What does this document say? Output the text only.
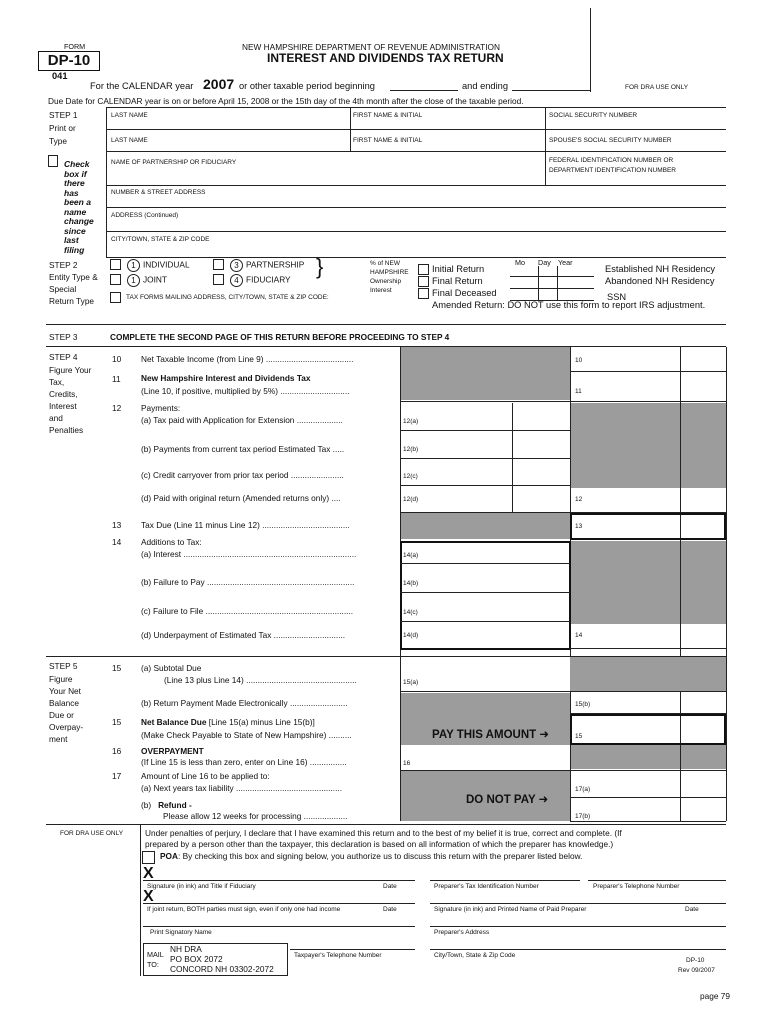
FORM
DP-10
041
NEW HAMPSHIRE DEPARTMENT OF REVENUE ADMINISTRATION
INTEREST AND DIVIDENDS TAX RETURN
For the CALENDAR year 2007 or other taxable period beginning	and ending	FOR DRA USE ONLY
Due Date for CALENDAR year is on or before April 15, 2008 or the 15th day of the 4th month after the close of the taxable period.
STEP 1
Print or
Type
Check
box if
there
has
been a
name
change
since
last
filing
LAST NAME	FIRST NAME & INITIAL	SOCIAL SECURITY NUMBER
LAST NAME	FIRST NAME & INITIAL	SPOUSE'S SOCIAL SECURITY NUMBER
NAME OF PARTNERSHIP OR FIDUCIARY	FEDERAL IDENTIFICATION NUMBER OR
DEPARTMENT IDENTIFICATION NUMBER
NUMBER & STREET ADDRESS
ADDRESS (Continued)
CITY/TOWN, STATE & ZIP CODE
STEP 2
Entity Type &
Special
Return Type
1 INDIVIDUAL
1 JOINT
3 PARTNERSHIP
4 FIDUCIARY
}
TAX FORMS MAILING ADDRESS, CITY/TOWN, STATE & ZIP CODE:
% of NEW
HAMPSHIRE
Ownership
Interest
Initial Return
Final Return
Final Deceased
Mo Day Year
Established NH Residency
Abandoned NH Residency
SSN
Amended Return: DO NOT use this form to report IRS adjustment.
STEP 3	COMPLETE THE SECOND PAGE OF THIS RETURN BEFORE PROCEEDING TO STEP 4
STEP 4
Figure Your
Tax,
Credits,
Interest
and
Penalties
10 Net Taxable Income (from Line 9) ......................................	10
11 New Hampshire Interest and Dividends Tax
(Line 10, if positive, multiplied by 5%) ..............................	11
12 Payments:
(a) Tax paid with Application for Extension ....................	12(a)
(b) Payments from current tax period Estimated Tax .....	12(b)
(c) Credit carryover from prior tax period .......................	12(c)
(d) Paid with original return (Amended returns only) ....	12(d)	12
13 Tax Due (Line 11 minus Line 12) ......................................	13
14 Additions to Tax:
(a) Interest ...........................................................................	14(a)
(b) Failure to Pay ................................................................	14(b)
(c) Failure to File ................................................................	14(c)
(d) Underpayment of Estimated Tax ...............................	14(d)	14
STEP 5
Figure
Your Net
Balance
Due or
Overpay-
ment
15 (a) Subtotal Due
(Line 13 plus Line 14) ................................................	15(a)
(b) Return Payment Made Electronically .........................	15(b)
15 Net Balance Due [Line 15(a) minus Line 15(b)]
(Make Check Payable to State of New Hampshire) ..........	PAY THIS AMOUNT ➜	15
16 OVERPAYMENT
(If Line 15 is less than zero, enter on Line 16) ................	16
17 Amount of Line 16 to be applied to:
(a) Next years tax liability ..............................................	17(a)
DO NOT PAY ➜
(b) Refund -
Please allow 12 weeks for processing ...................	17(b)
FOR DRA USE ONLY	Under penalties of perjury, I declare that I have examined this return and to the best of my belief it is true, correct and complete. (If
prepared by a person other than the taxpayer, this declaration is based on all information of which the preparer has knowledge.)
POA: By checking this box and signing below, you authorize us to discuss this return with the preparer listed below.
X
Signature (in ink) and Title if Fiduciary	Date	Preparer's Tax Identification Number	Preparer's Telephone Number
X
If joint return, BOTH parties must sign, even if only one had income	Date	Signature (in ink) and Printed Name of Paid Preparer	Date
Print Signatory Name	Preparer's Address
MAIL
TO:
NH DRA
PO BOX 2072
CONCORD NH 03302-2072
Taxpayer's Telephone Number	City/Town, State & Zip Code
DP-10
Rev 09/2007
page 79
